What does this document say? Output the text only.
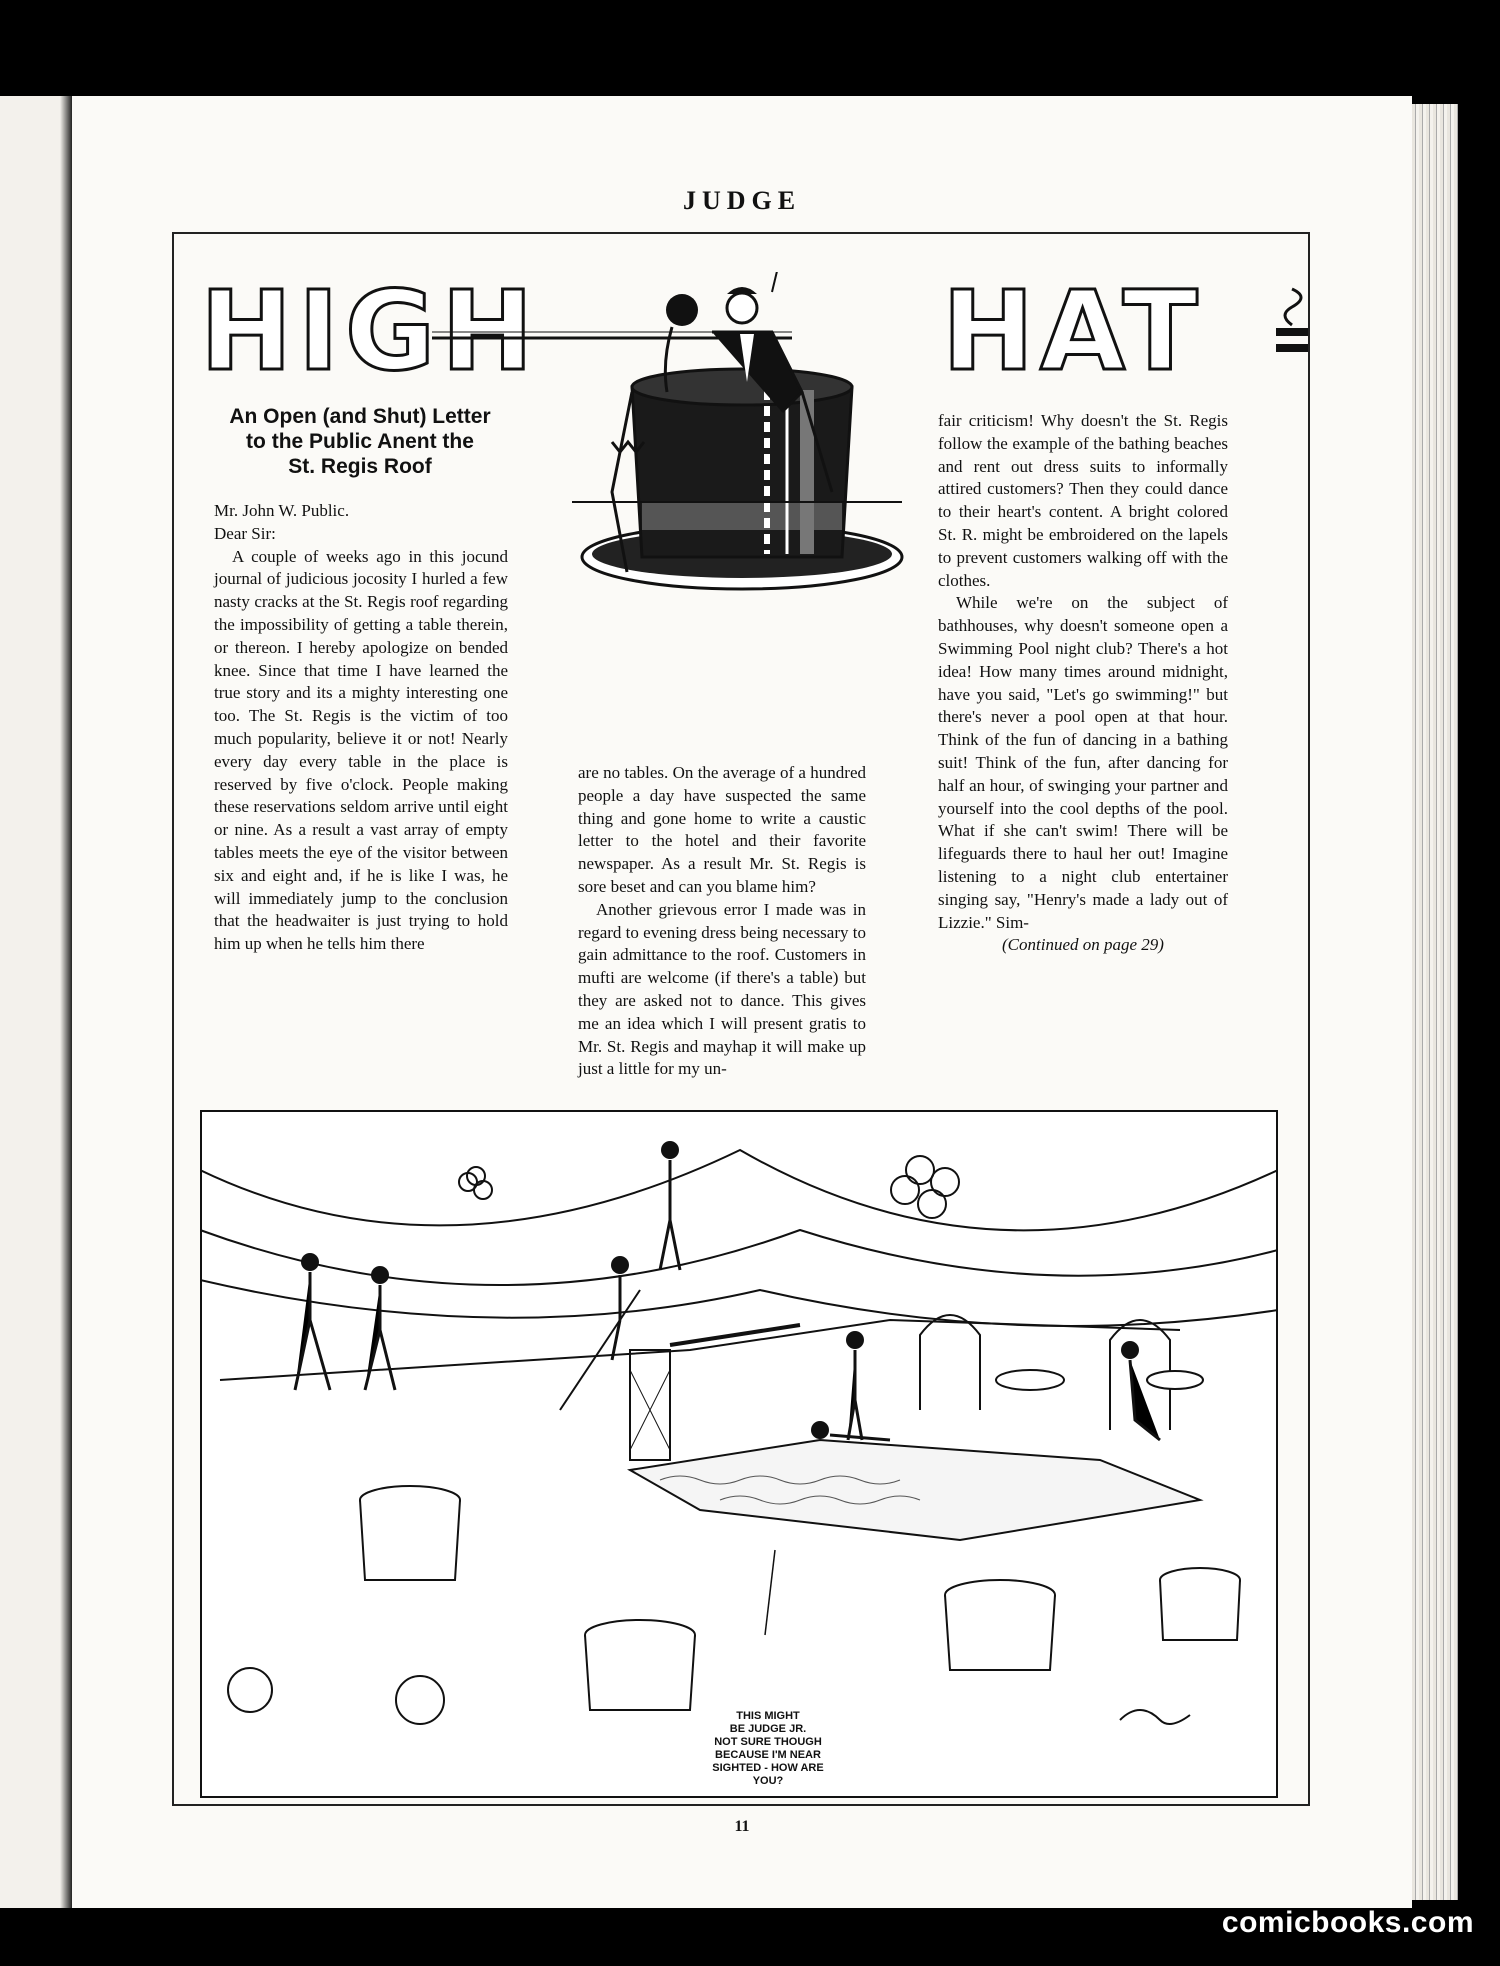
JUDGE
HIGH	HAT
An Open (and Shut) Letter
to the Public Anent the
St. Regis Roof

Mr. John W. Public.

Dear Sir:

A couple of weeks ago in this jocund journal of judicious jocosity I hurled a few nasty cracks at the St. Regis roof regarding the impossibility of getting a table therein, or thereon. I hereby apologize on bended knee. Since that time I have learned the true story and its a mighty interesting one too. The St. Regis is the victim of too much popularity, believe it or not! Nearly every day every table in the place is reserved by five o'clock. People making these reservations seldom arrive until eight or nine. As a result a vast array of empty tables meets the eye of the visitor between six and eight and, if he is like I was, he will immediately jump to the conclusion that the headwaiter is just trying to hold him up when he tells him there

are no tables. On the average of a hundred people a day have suspected the same thing and gone home to write a caustic letter to the hotel and their favorite newspaper. As a result Mr. St. Regis is sore beset and can you blame him?

Another grievous error I made was in regard to evening dress being necessary to gain admittance to the roof. Customers in mufti are welcome (if there's a table) but they are asked not to dance. This gives me an idea which I will present gratis to Mr. St. Regis and mayhap it will make up just a little for my un-

fair criticism! Why doesn't the St. Regis follow the example of the bathing beaches and rent out dress suits to informally attired customers? Then they could dance to their heart's content. A bright colored St. R. might be embroidered on the lapels to prevent customers walking off with the clothes.

While we're on the subject of bathhouses, why doesn't someone open a Swimming Pool night club? There's a hot idea! How many times around midnight, have you said, "Let's go swimming!" but there's never a pool open at that hour. Think of the fun of dancing in a bathing suit! Think of the fun, after dancing for half an hour, of swinging your partner and yourself into the cool depths of the pool. What if she can't swim! There will be lifeguards there to haul her out! Imagine listening to a night club entertainer singing say, "Henry's made a lady out of Lizzie." Sim-

(Continued on page 29)

THIS MIGHT
BE JUDGE JR.
NOT SURE THOUGH
BECAUSE I'M NEAR
SIGHTED - HOW ARE
YOU?
11
comicbooks.com
